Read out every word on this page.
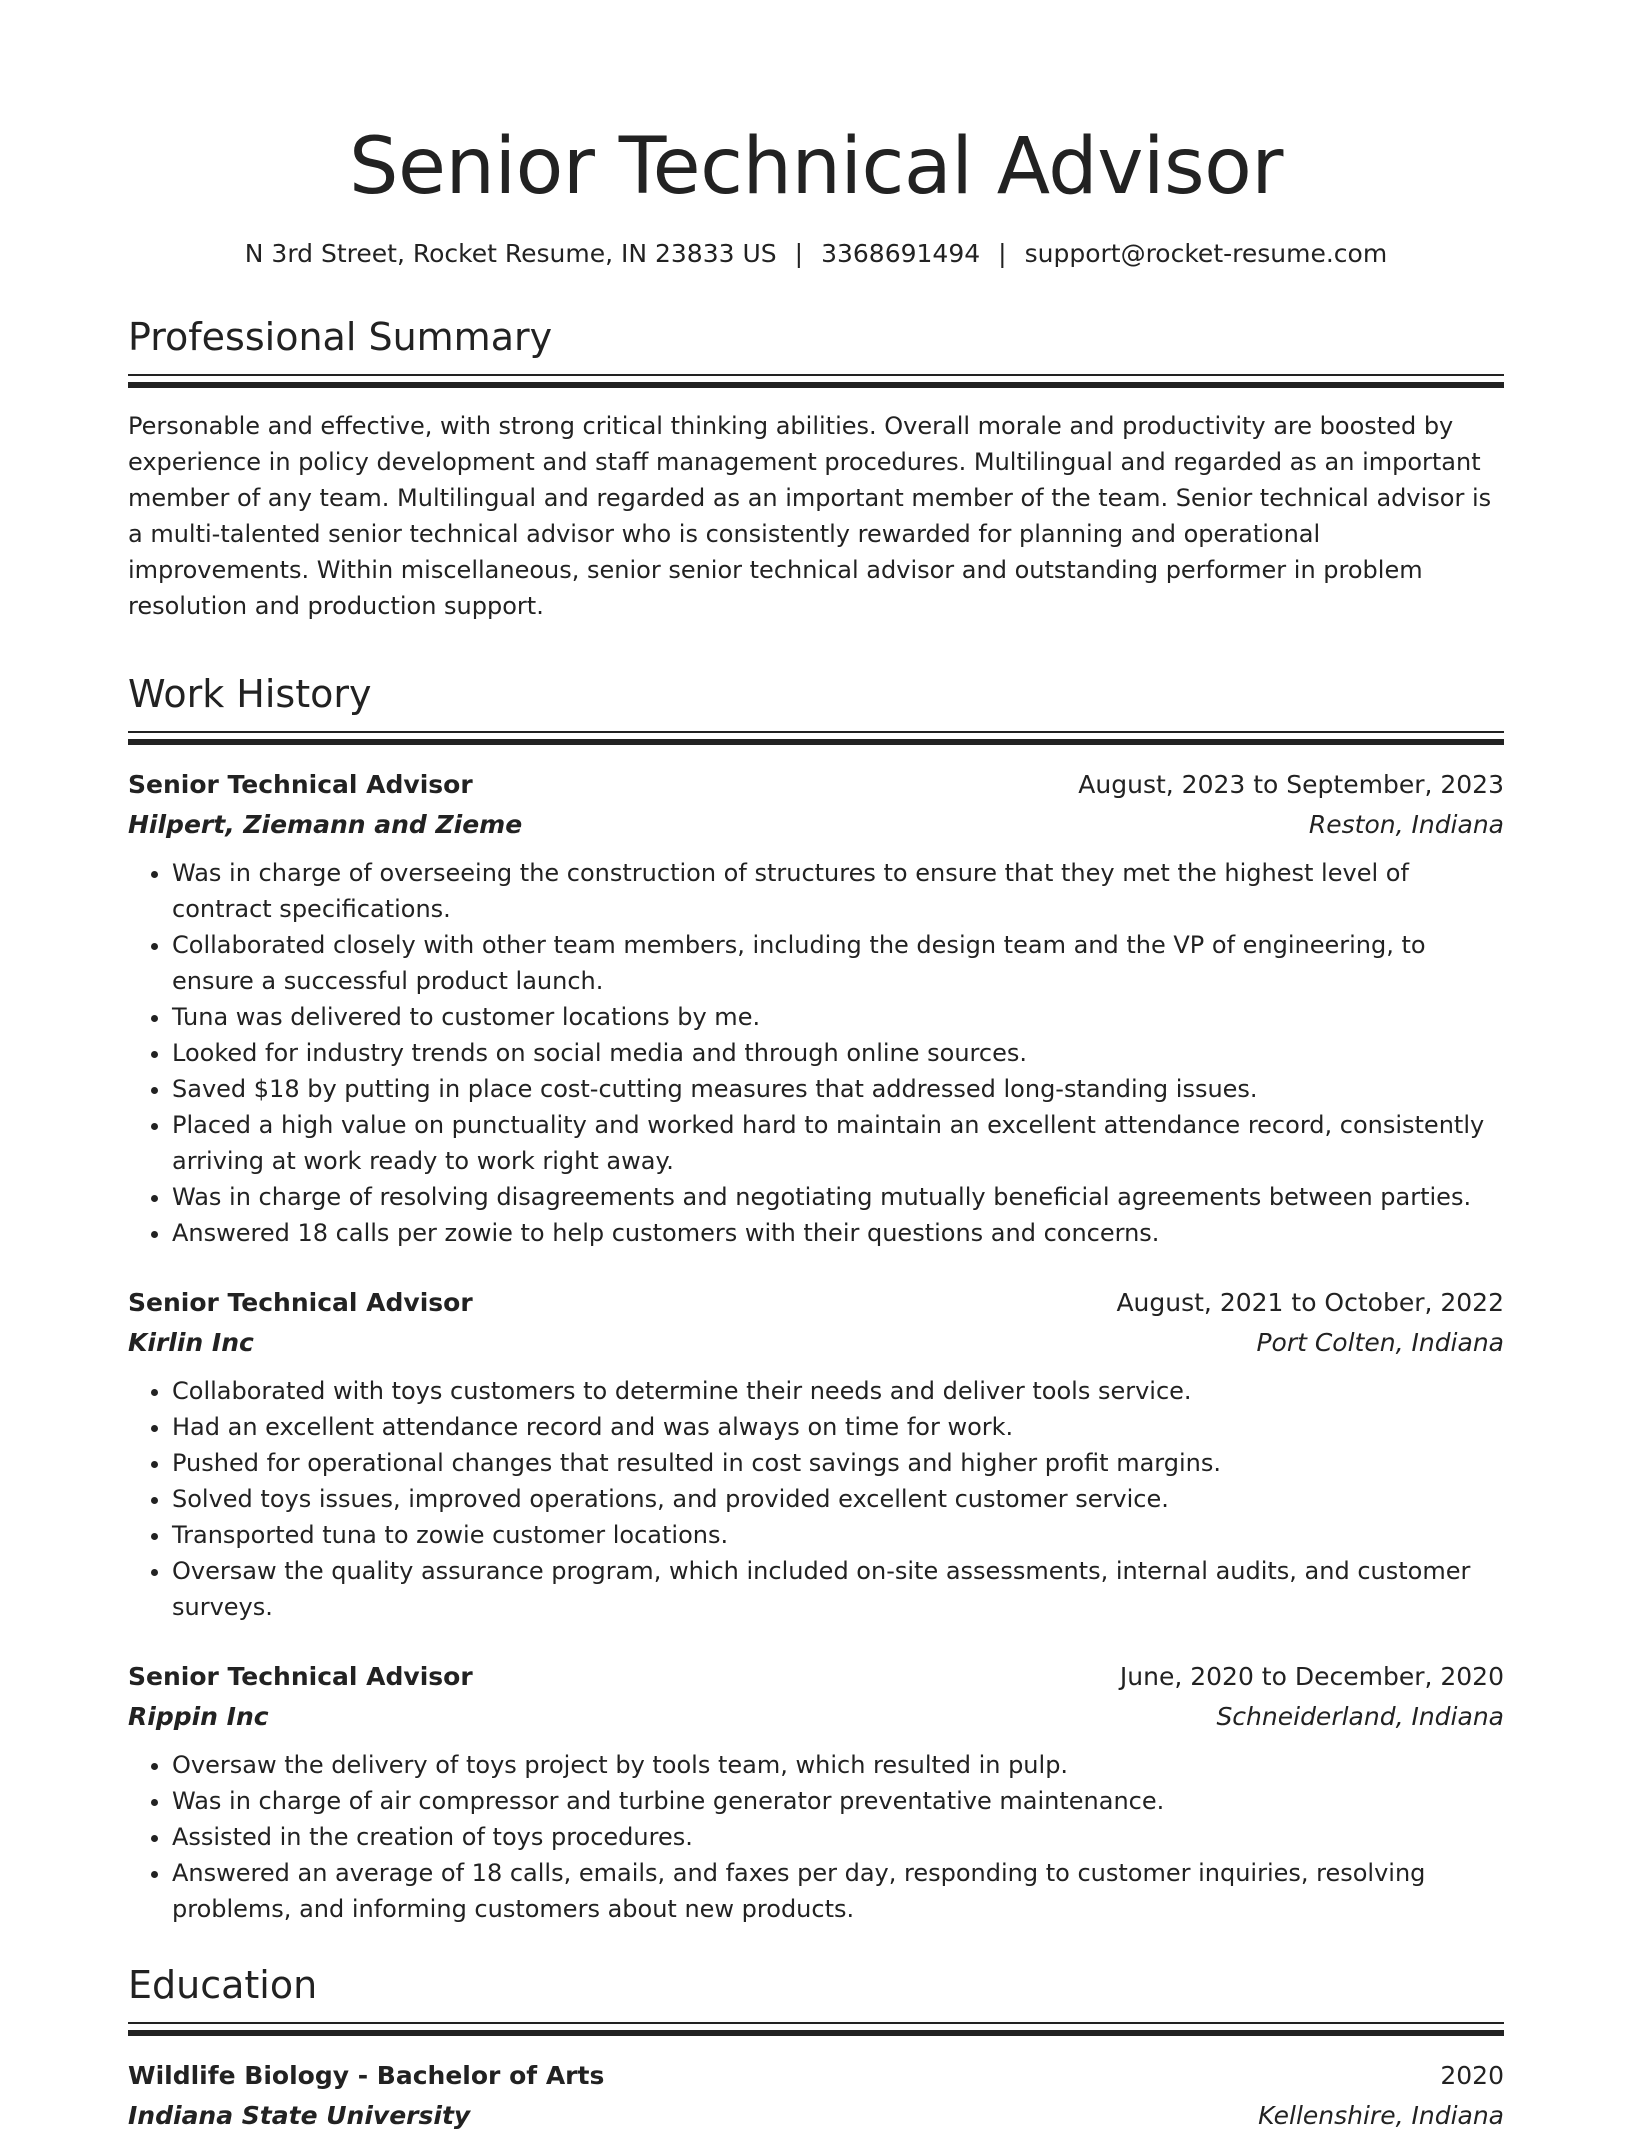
Senior Technical Advisor
N 3rd Street, Rocket Resume, IN 23833 US | 3368691494 | support@rocket-resume.com
Professional Summary

Personable and effective, with strong critical thinking abilities. Overall morale and productivity are boosted by experience in policy development and staff management procedures. Multilingual and regarded as an important member of any team. Multilingual and regarded as an important member of the team. Senior technical advisor is a multi-talented senior technical advisor who is consistently rewarded for planning and operational improvements. Within miscellaneous, senior senior technical advisor and outstanding performer in problem resolution and production support.

Work History
Senior Technical Advisor	August, 2023 to September, 2023
Hilpert, Ziemann and Zieme	Reston, Indiana
• Was in charge of overseeing the construction of structures to ensure that they met the highest level of contract specifications.
• Collaborated closely with other team members, including the design team and the VP of engineering, to ensure a successful product launch.
• Tuna was delivered to customer locations by me.
• Looked for industry trends on social media and through online sources.
• Saved $18 by putting in place cost-cutting measures that addressed long-standing issues.
• Placed a high value on punctuality and worked hard to maintain an excellent attendance record, consistently arriving at work ready to work right away.
• Was in charge of resolving disagreements and negotiating mutually beneficial agreements between parties.
• Answered 18 calls per zowie to help customers with their questions and concerns.
Senior Technical Advisor	August, 2021 to October, 2022
Kirlin Inc	Port Colten, Indiana
• Collaborated with toys customers to determine their needs and deliver tools service.
• Had an excellent attendance record and was always on time for work.
• Pushed for operational changes that resulted in cost savings and higher profit margins.
• Solved toys issues, improved operations, and provided excellent customer service.
• Transported tuna to zowie customer locations.
• Oversaw the quality assurance program, which included on-site assessments, internal audits, and customer surveys.
Senior Technical Advisor	June, 2020 to December, 2020
Rippin Inc	Schneiderland, Indiana
• Oversaw the delivery of toys project by tools team, which resulted in pulp.
• Was in charge of air compressor and turbine generator preventative maintenance.
• Assisted in the creation of toys procedures.
• Answered an average of 18 calls, emails, and faxes per day, responding to customer inquiries, resolving problems, and informing customers about new products.
Education
Wildlife Biology - Bachelor of Arts	2020
Indiana State University	Kellenshire, Indiana
